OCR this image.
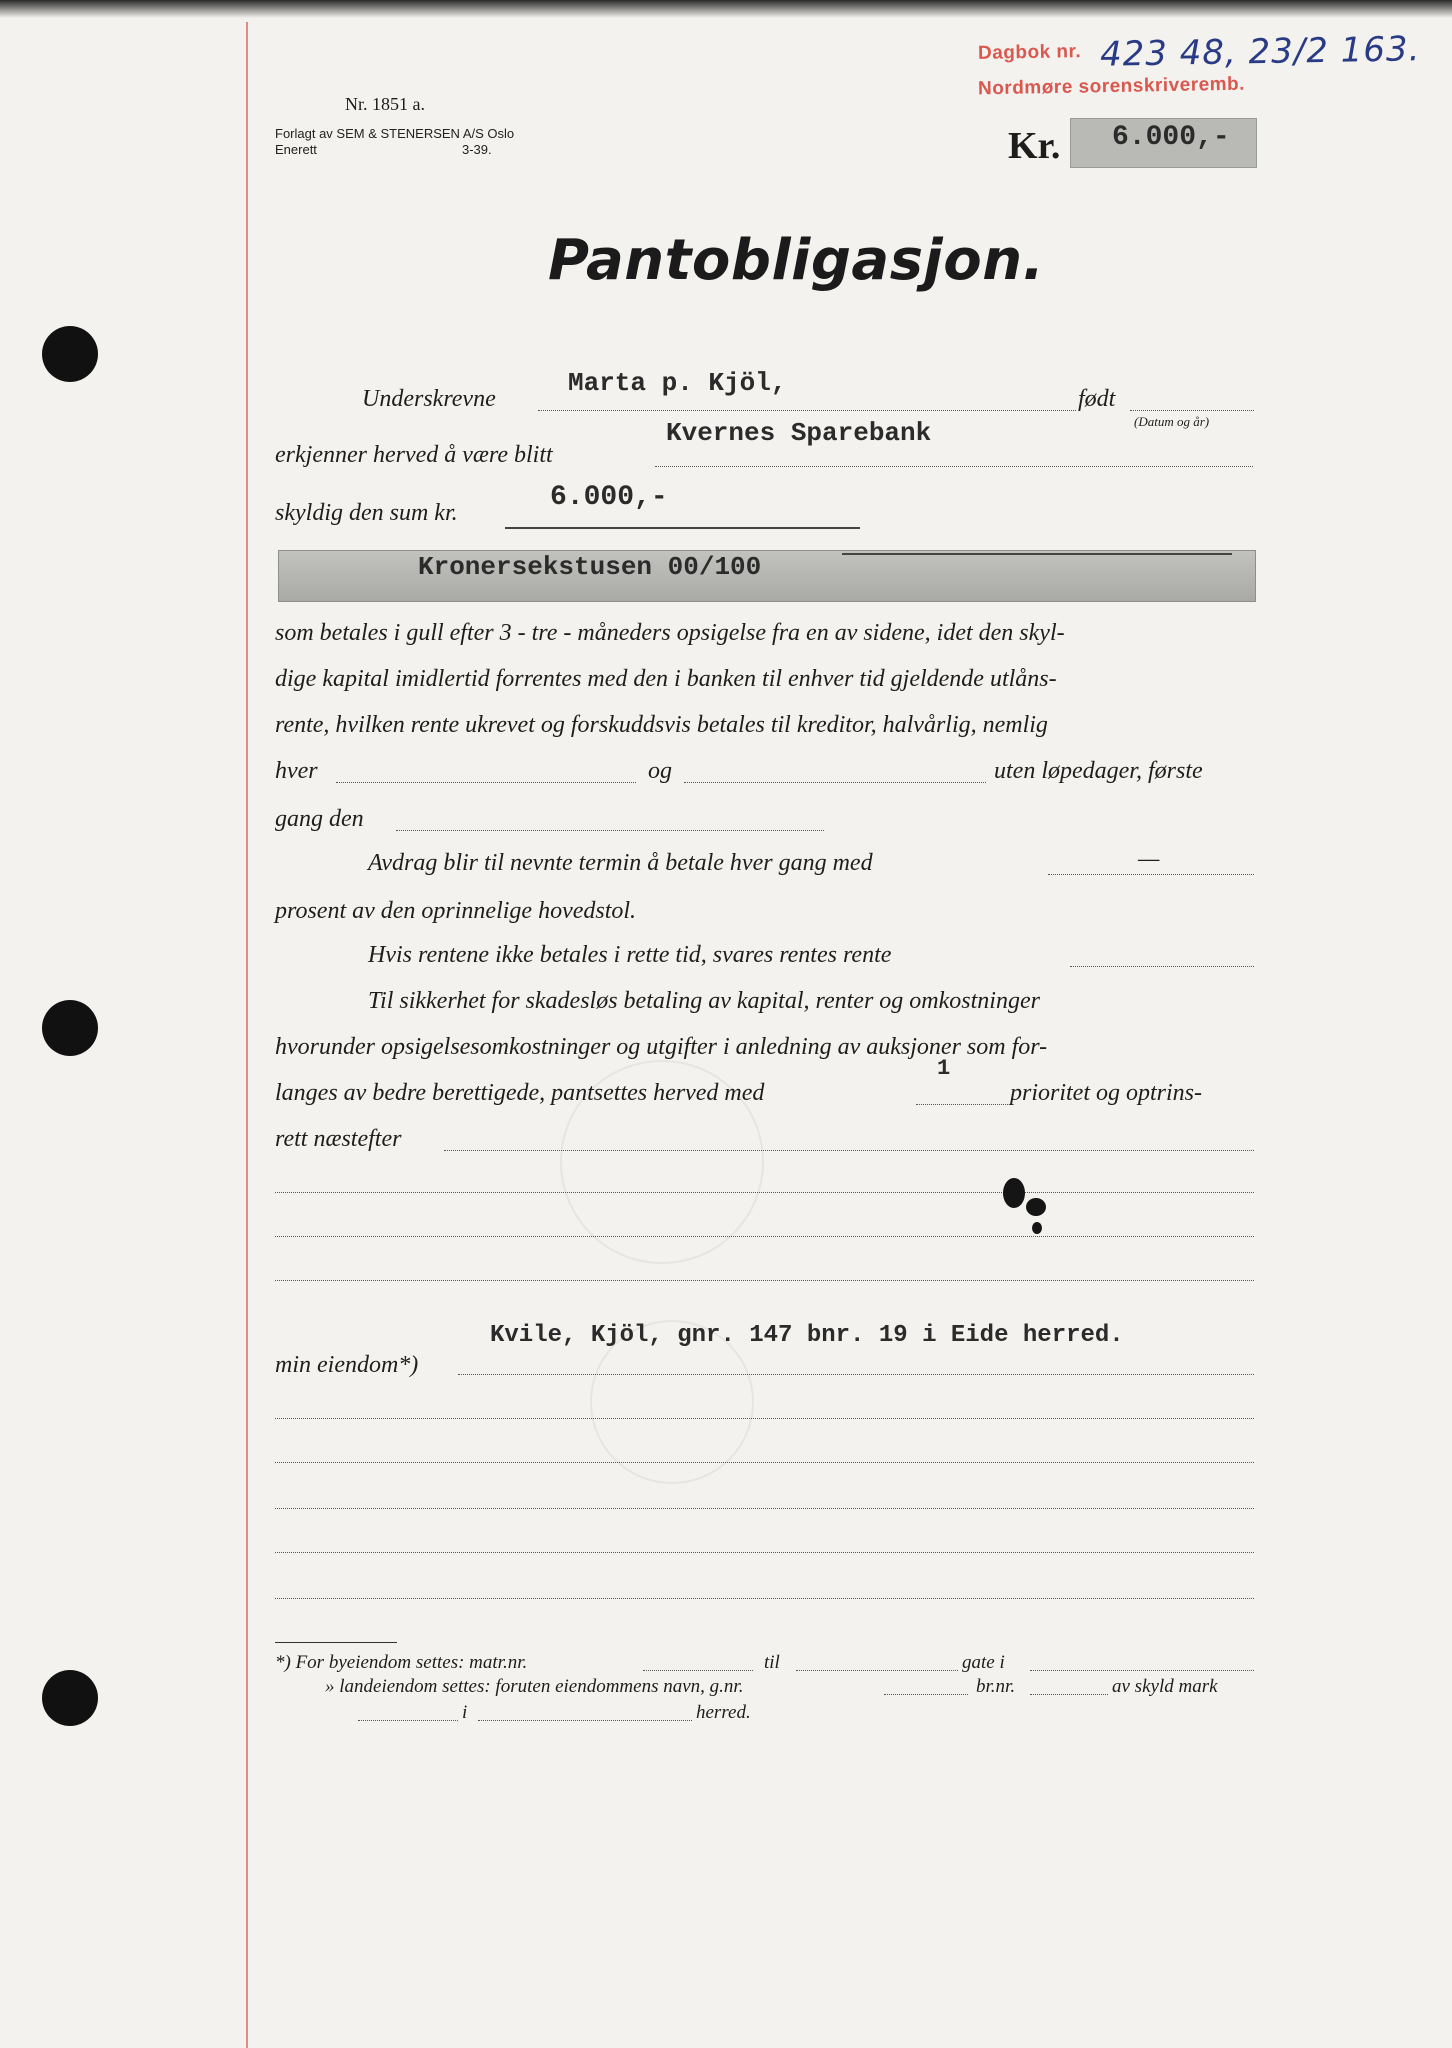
Dagbok nr.
Nordmøre sorenskriveremb.
423 48, 23/2 163.
Nr. 1851 a.
Forlagt av SEM & STENERSEN A/S Oslo
Enerett	3-39.	Kr. 6.000,-
Pantobligasjon.
Underskrevne
Marta p. Kjöl,
født
(Datum og år)
Kvernes Sparebank
erkjenner herved å være blitt
skyldig den sum kr.	6.000,-
Kronersekstusen 00/100
som betales i gull efter 3 - tre - måneders opsigelse fra en av sidene, idet den skyl-
dige kapital imidlertid forrentes med den i banken til enhver tid gjeldende utlåns-
rente, hvilken rente ukrevet og forskuddsvis betales til kreditor, halvårlig, nemlig
hver	og	uten løpedager, første
gang den
Avdrag blir til nevnte termin å betale hver gang med	—
prosent av den oprinnelige hovedstol.
Hvis rentene ikke betales i rette tid, svares rentes rente
Til sikkerhet for skadesløs betaling av kapital, renter og omkostninger
hvorunder opsigelsesomkostninger og utgifter i anledning av auksjoner som for-
langes av bedre berettigede, pantsettes herved med
1
prioritet og optrins-
rett næstefter
Kvile, Kjöl, gnr. 147 bnr. 19 i Eide herred.
min eiendom*)
*) For byeiendom settes: matr.nr.	til	gate i
» landeiendom settes: foruten eiendommens navn, g.nr.	br.nr.	av skyld mark
i	herred.
